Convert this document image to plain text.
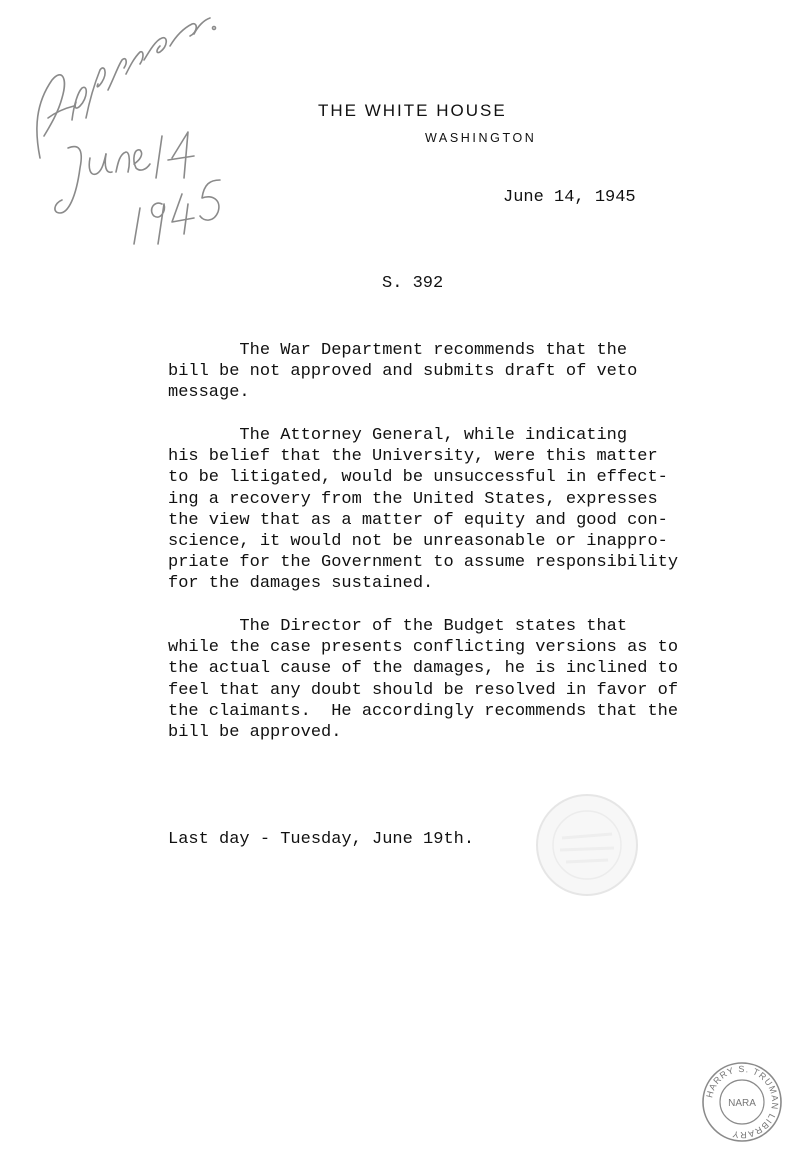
THE WHITE HOUSE
WASHINGTON
June 14, 1945
S. 392
The War Department recommends that the
bill be not approved and submits draft of veto
message.
The Attorney General, while indicating
his belief that the University, were this matter
to be litigated, would be unsuccessful in effect-
ing a recovery from the United States, expresses
the view that as a matter of equity and good con-
science, it would not be unreasonable or inappro-
priate for the Government to assume responsibility
for the damages sustained.
The Director of the Budget states that
while the case presents conflicting versions as to
the actual cause of the damages, he is inclined to
feel that any doubt should be resolved in favor of
the claimants.  He accordingly recommends that the
bill be approved.
Last day - Tuesday, June 19th.
HARRY S. TRUMAN LIBRARY
NARA
